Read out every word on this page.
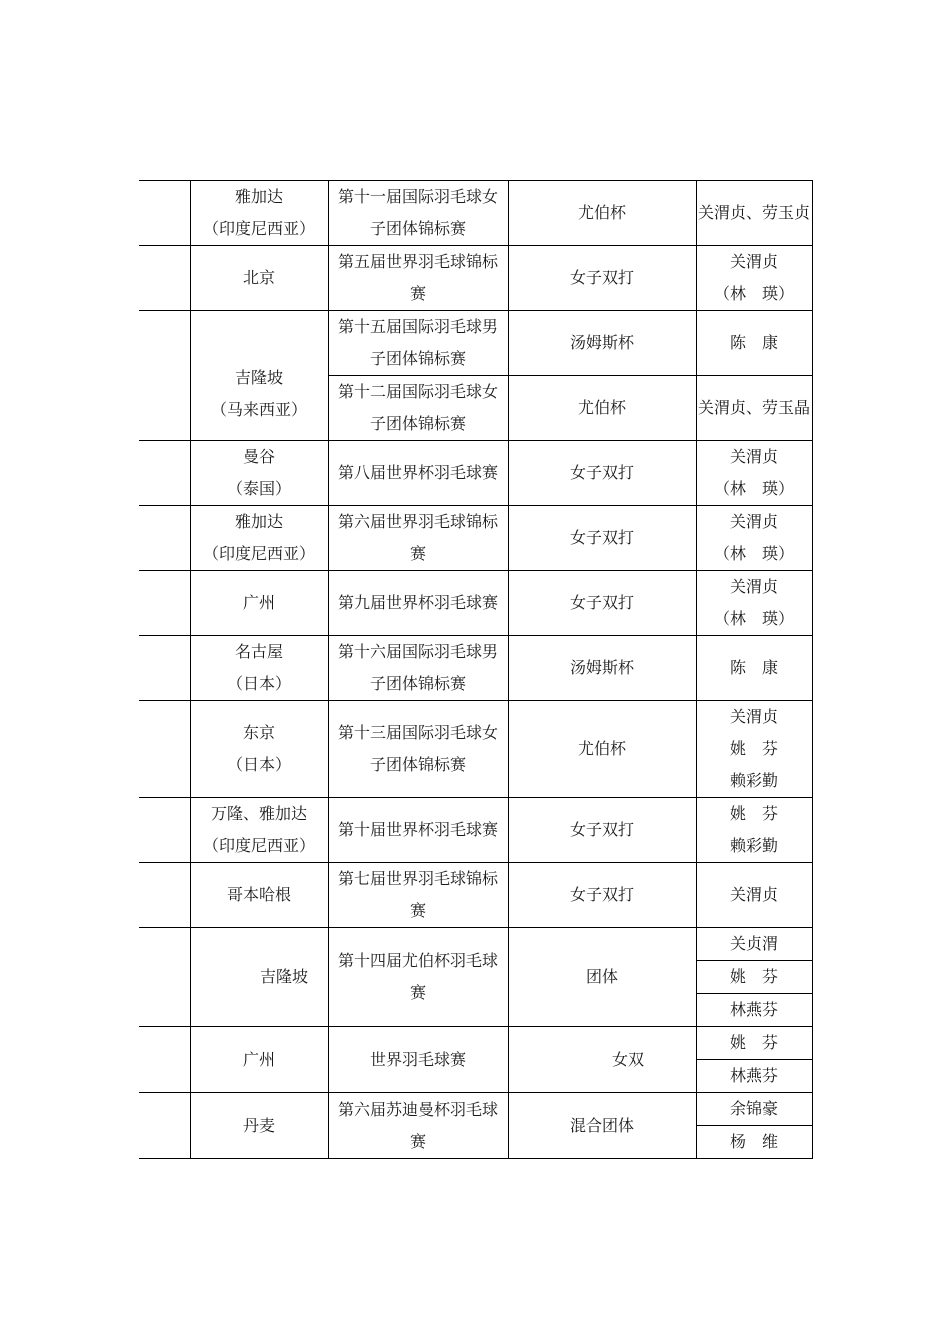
	雅加达
（印度尼西亚）	第十一届国际羽毛球女
子团体锦标赛	尤伯杯	关渭贞、劳玉贞

	北京	第五届世界羽毛球锦标
赛	女子双打	关渭贞
（林　瑛）

	吉隆坡
（马来西亚）	第十五届国际羽毛球男
子团体锦标赛	汤姆斯杯	陈　康

		第十二届国际羽毛球女
子团体锦标赛	尤伯杯	关渭贞、劳玉晶

	曼谷
（泰国）	第八届世界杯羽毛球赛	女子双打	关渭贞
（林　瑛）

	雅加达
（印度尼西亚）	第六届世界羽毛球锦标
赛	女子双打	关渭贞
（林　瑛）

	广州	第九届世界杯羽毛球赛	女子双打	关渭贞
（林　瑛）

	名古屋
（日本）	第十六届国际羽毛球男
子团体锦标赛	汤姆斯杯	陈　康

	东京
（日本）	第十三届国际羽毛球女
子团体锦标赛	尤伯杯	关渭贞
姚　芬
赖彩勤

	万隆、雅加达
（印度尼西亚）	第十届世界杯羽毛球赛	女子双打	姚　芬
赖彩勤

	哥本哈根	第七届世界羽毛球锦标
赛	女子双打	关渭贞
	吉隆坡	第十四届尤伯杯羽毛球
赛	团体	关贞渭
				姚　芬
				林燕芬
	广州	世界羽毛球赛	女双	姚　芬
				林燕芬
	丹麦	第六届苏迪曼杯羽毛球
赛	混合团体	余锦豪
				杨　维
